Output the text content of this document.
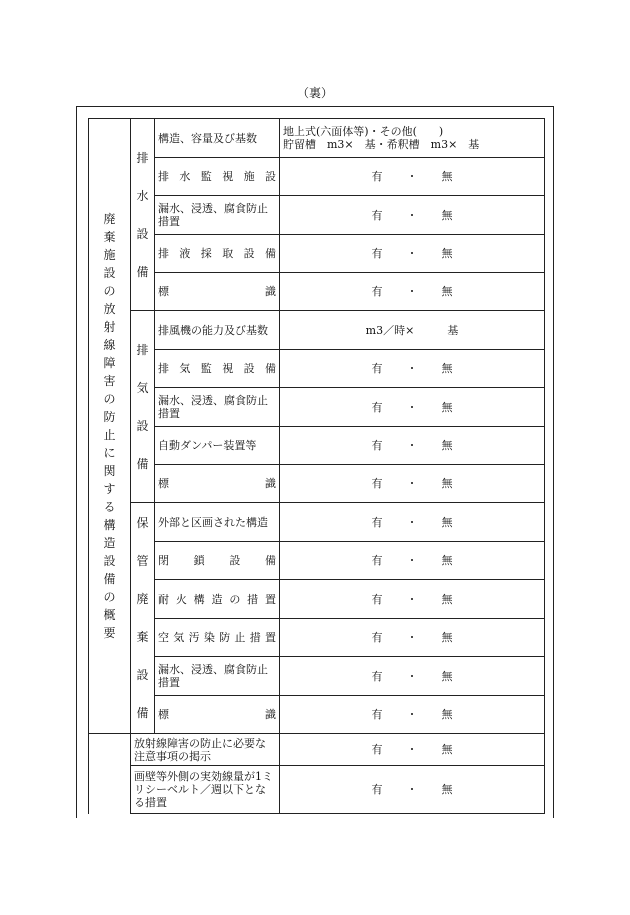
（裏）
廃棄施設の放射線障害の防止に関する構造設備の概要	排水設備	構造、容量及び基数	地上式(六面体等)・その他(　　)
貯留槽　m3×　基・希釈槽　m3×　基

		排水監視施設	有 ・ 無
		漏水、浸透、腐食防止措置	有 ・ 無
		排液採取設備	有 ・ 無
		標識	有 ・ 無

	排気設備	排風機の能力及び基数	m3／時×　　　基
		排気監視設備	有 ・ 無
		漏水、浸透、腐食防止措置	有 ・ 無
		自動ダンパー装置等	有 ・ 無
		標識	有 ・ 無

	保管廃棄設備	外部と区画された構造	有 ・ 無
		閉鎖設備	有 ・ 無
		耐火構造の措置	有 ・ 無
		空気汚染防止措置	有 ・ 無
		漏水、浸透、腐食防止措置	有 ・ 無
		標識	有 ・ 無
	放射線障害の防止に必要な注意事項の掲示		有 ・ 無
	画壁等外側の実効線量が1ミリシーベルト／週以下となる措置		有 ・ 無
